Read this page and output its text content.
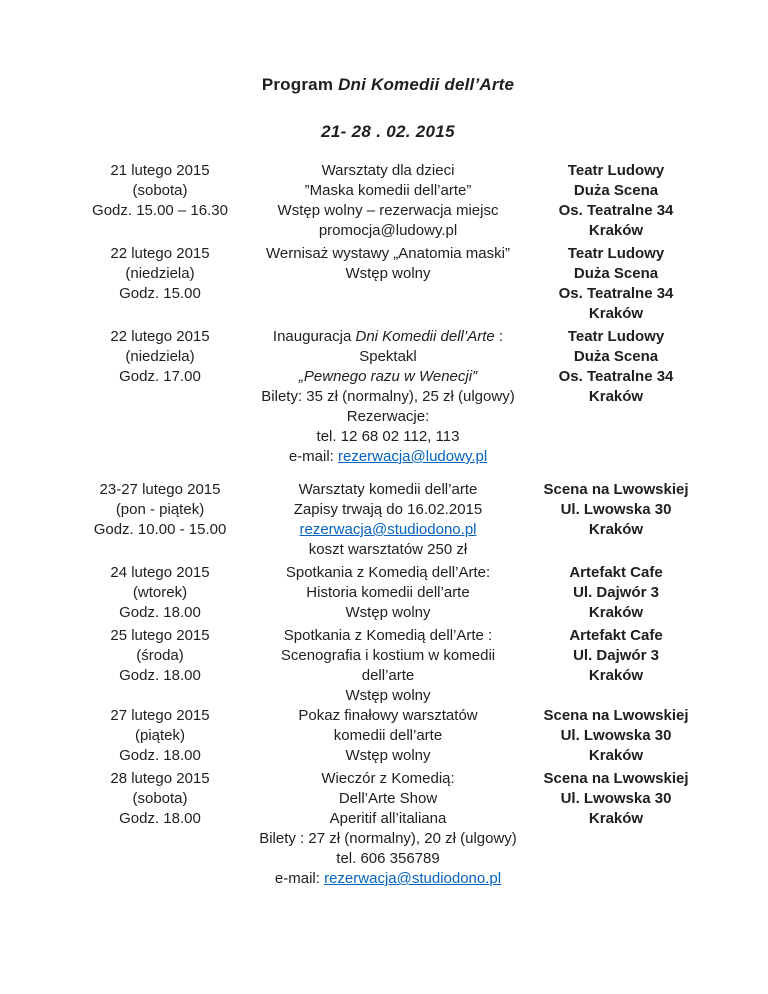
Program Dni Komedii dell’Arte
21- 28 . 02. 2015
21 lutego 2015
(sobota)
Godz. 15.00 – 16.30
Warsztaty dla dzieci
”Maska komedii dell’arte”
Wstęp wolny – rezerwacja miejsc
promocja@ludowy.pl
Teatr Ludowy
Duża Scena
Os. Teatralne 34
Kraków
22 lutego 2015
(niedziela)
Godz. 15.00
Wernisaż wystawy „Anatomia maski”
Wstęp wolny
Teatr Ludowy
Duża Scena
Os. Teatralne 34
Kraków
22 lutego 2015
(niedziela)
Godz. 17.00
Inauguracja Dni Komedii dell’Arte :
Spektakl
„Pewnego razu w Wenecji”
Bilety: 35 zł (normalny), 25 zł (ulgowy)
Rezerwacje:
tel. 12 68 02 112, 113
e-mail: rezerwacja@ludowy.pl
Teatr Ludowy
Duża Scena
Os. Teatralne 34
Kraków
23-27 lutego 2015
(pon - piątek)
Godz. 10.00 - 15.00
Warsztaty komedii dell’arte
Zapisy trwają do 16.02.2015
rezerwacja@studiodono.pl
koszt warsztatów 250 zł
Scena na Lwowskiej
Ul. Lwowska 30
Kraków
24 lutego 2015
(wtorek)
Godz. 18.00
Spotkania z Komedią dell’Arte:
Historia komedii dell’arte
Wstęp wolny
Artefakt Cafe
Ul. Dajwór 3
Kraków
25 lutego 2015
(środa)
Godz. 18.00
Spotkania z Komedią dell’Arte :
Scenografia i kostium w komedii
dell’arte
Wstęp wolny
Artefakt Cafe
Ul. Dajwór 3
Kraków
27 lutego 2015
(piątek)
Godz. 18.00
Pokaz finałowy warsztatów
komedii dell’arte
Wstęp wolny
Scena na Lwowskiej
Ul. Lwowska 30
Kraków
28 lutego 2015
(sobota)
Godz. 18.00
Wieczór z Komedią:
Dell’Arte Show
Aperitif all’italiana
Bilety : 27 zł (normalny), 20 zł (ulgowy)
tel. 606 356789
e-mail: rezerwacja@studiodono.pl
Scena na Lwowskiej
Ul. Lwowska 30
Kraków
